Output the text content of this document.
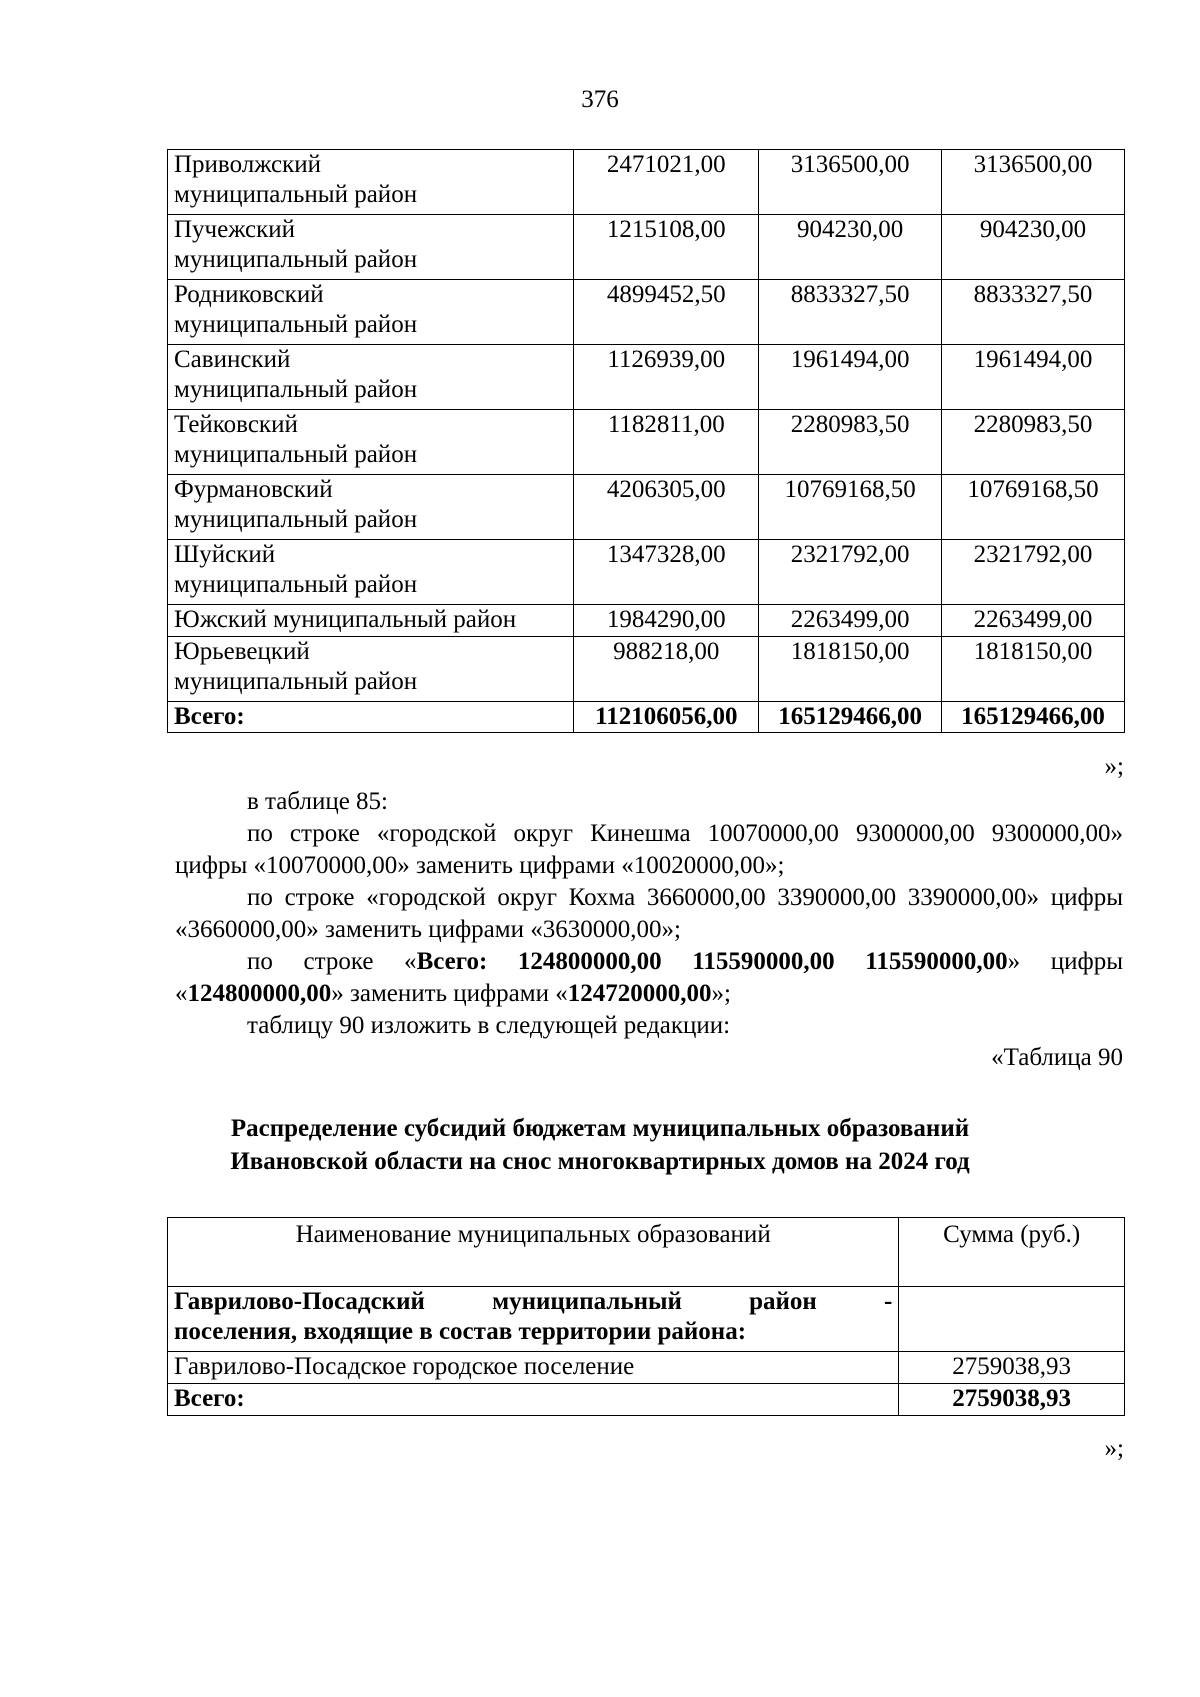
376
Приволжский
муниципальный район	2471021,00	3136500,00	3136500,00
Пучежский
муниципальный район	1215108,00	904230,00	904230,00
Родниковский
муниципальный район	4899452,50	8833327,50	8833327,50
Савинский
муниципальный район	1126939,00	1961494,00	1961494,00
Тейковский
муниципальный район	1182811,00	2280983,50	2280983,50
Фурмановский
муниципальный район	4206305,00	10769168,50	10769168,50
Шуйский
муниципальный район	1347328,00	2321792,00	2321792,00
Южский муниципальный район	1984290,00	2263499,00	2263499,00
Юрьевецкий
муниципальный район	988218,00	1818150,00	1818150,00
Всего:	112106056,00	165129466,00	165129466,00
»;
в таблице 85:
по строке «городской округ Кинешма 10070000,00 9300000,00 9300000,00» цифры «10070000,00» заменить цифрами «10020000,00»;
по строке «городской округ Кохма 3660000,00 3390000,00 3390000,00» цифры «3660000,00» заменить цифрами «3630000,00»;
по строке «Всего: 124800000,00 115590000,00 115590000,00» цифры «124800000,00» заменить цифрами «124720000,00»;
таблицу 90 изложить в следующей редакции:
«Таблица 90
Распределение субсидий бюджетам муниципальных образований
Ивановской области на снос многоквартирных домов на 2024 год
Наименование муниципальных образований	Сумма (руб.)

Гаврилово-Посадский муниципальный район -
поселения, входящие в состав территории района:	

Гаврилово-Посадское городское поселение	2759038,93
Всего:	2759038,93
»;
